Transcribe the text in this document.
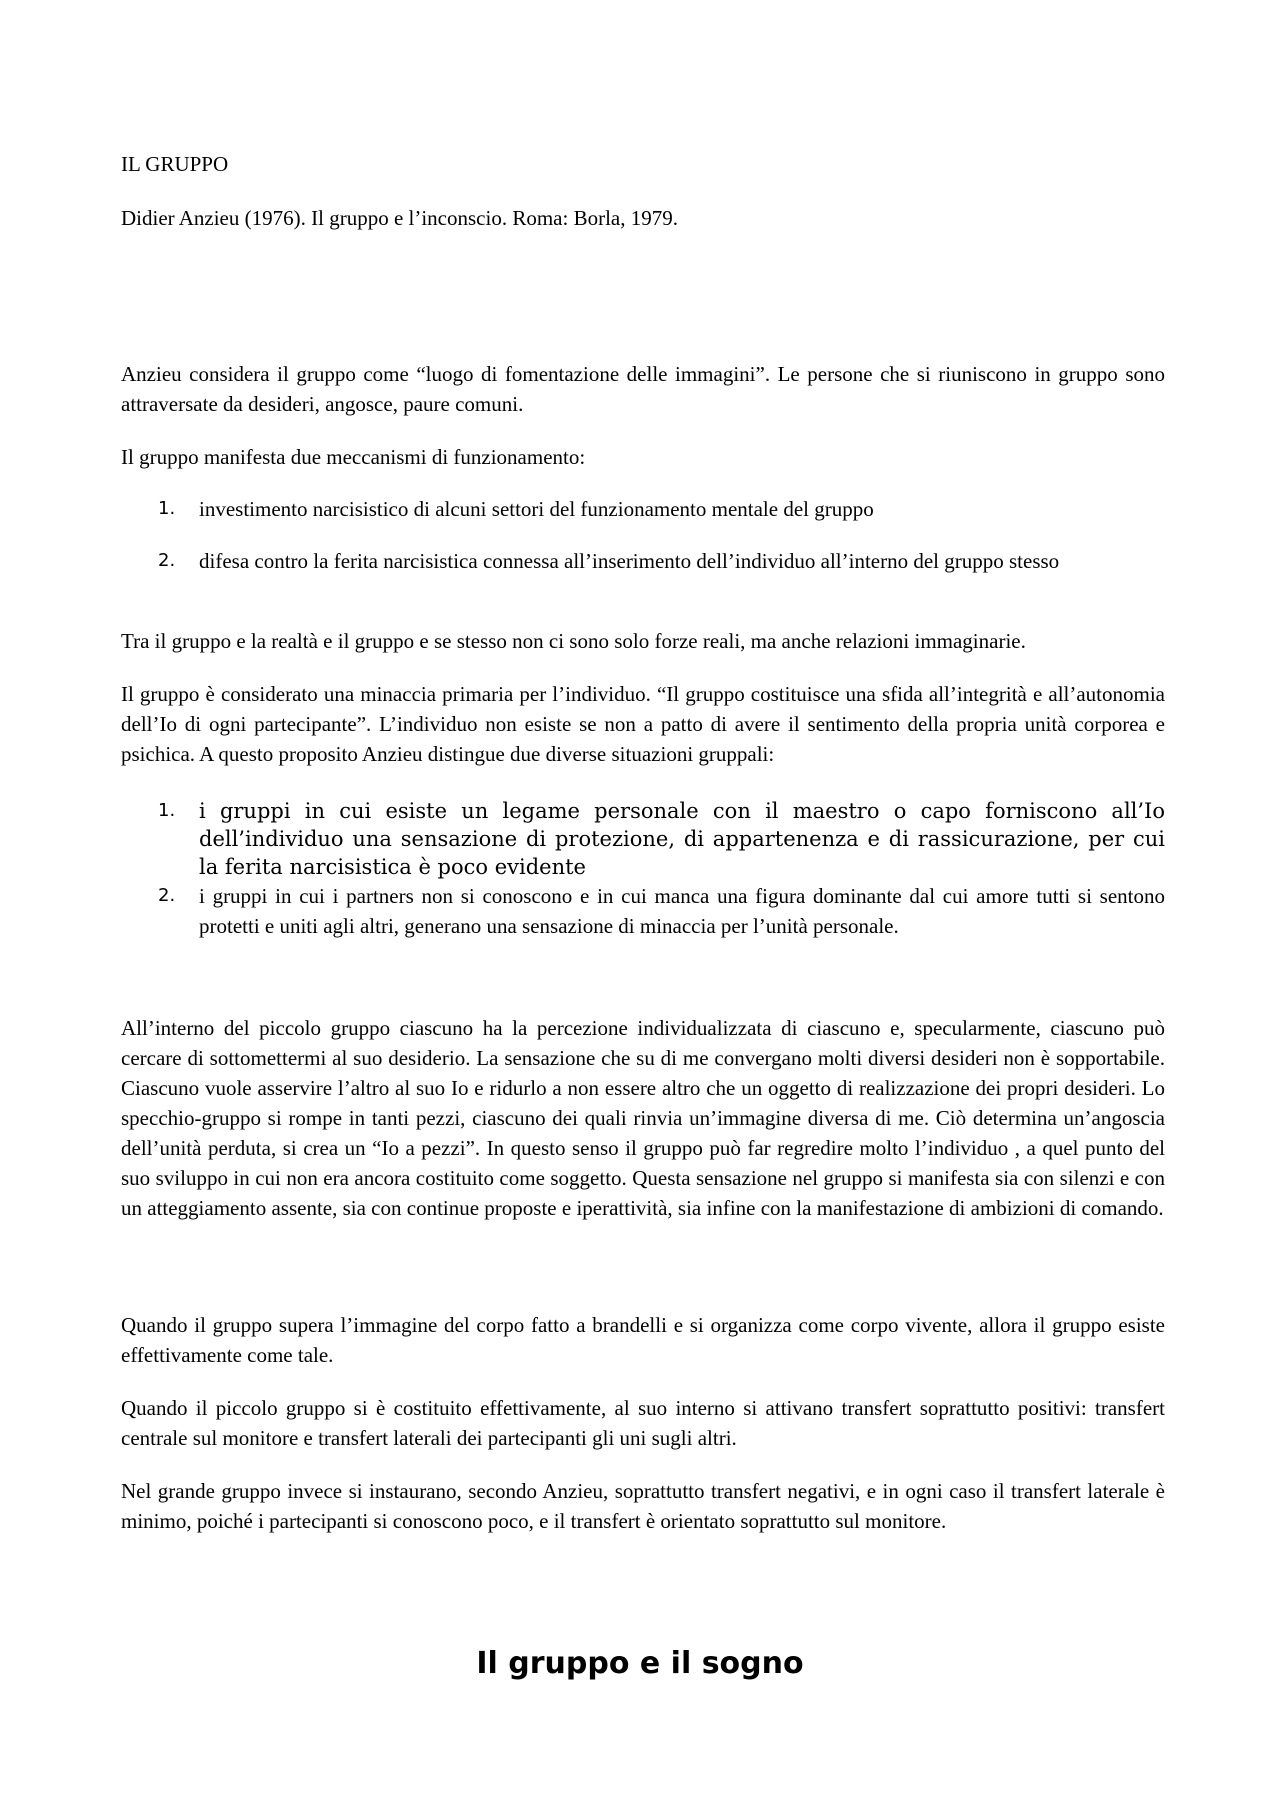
IL GRUPPO

Didier Anzieu (1976). Il gruppo e l’inconscio. Roma: Borla, 1979.

Anzieu considera il gruppo come “luogo di fomentazione delle immagini”. Le persone che si riuniscono in gruppo sono attraversate da desideri, angosce, paure comuni.

Il gruppo manifesta due meccanismi di funzionamento:

1. investimento narcisistico di alcuni settori del funzionamento mentale del gruppo
2. difesa contro la ferita narcisistica connessa all’inserimento dell’individuo all’interno del gruppo stesso

Tra il gruppo e la realtà e il gruppo e se stesso non ci sono solo forze reali, ma anche relazioni immaginarie.

Il gruppo è considerato una minaccia primaria per l’individuo. “Il gruppo costituisce una sfida all’integrità e all’autonomia dell’Io di ogni partecipante”. L’individuo non esiste se non a patto di avere il sentimento della propria unità corporea e psichica. A questo proposito Anzieu distingue due diverse situazioni gruppali:

1. i gruppi in cui esiste un legame personale con il maestro o capo forniscono all’Io dell’individuo una sensazione di protezione, di appartenenza e di rassicurazione, per cui la ferita narcisistica è poco evidente
2. i gruppi in cui i partners non si conoscono e in cui manca una figura dominante dal cui amore tutti si sentono protetti e uniti agli altri, generano una sensazione di minaccia per l’unità personale.

All’interno del piccolo gruppo ciascuno ha la percezione individualizzata di ciascuno e, specularmente, ciascuno può cercare di sottomettermi al suo desiderio. La sensazione che su di me convergano molti diversi desideri non è sopportabile. Ciascuno vuole asservire l’altro al suo Io e ridurlo a non essere altro che un oggetto di realizzazione dei propri desideri. Lo specchio-gruppo si rompe in tanti pezzi, ciascuno dei quali rinvia un’immagine diversa di me. Ciò determina un’angoscia dell’unità perduta, si crea un “Io a pezzi”. In questo senso il gruppo può far regredire molto l’individuo , a quel punto del suo sviluppo in cui non era ancora costituito come soggetto. Questa sensazione nel gruppo si manifesta sia con silenzi e con un atteggiamento assente, sia con continue proposte e iperattività, sia infine con la manifestazione di ambizioni di comando.

Quando il gruppo supera l’immagine del corpo fatto a brandelli e si organizza come corpo vivente, allora il gruppo esiste effettivamente come tale.

Quando il piccolo gruppo si è costituito effettivamente, al suo interno si attivano transfert soprattutto positivi: transfert centrale sul monitore e transfert laterali dei partecipanti gli uni sugli altri.

Nel grande gruppo invece si instaurano, secondo Anzieu, soprattutto transfert negativi, e in ogni caso il transfert laterale è minimo, poiché i partecipanti si conoscono poco, e il transfert è orientato soprattutto sul monitore.

Il gruppo e il sogno
